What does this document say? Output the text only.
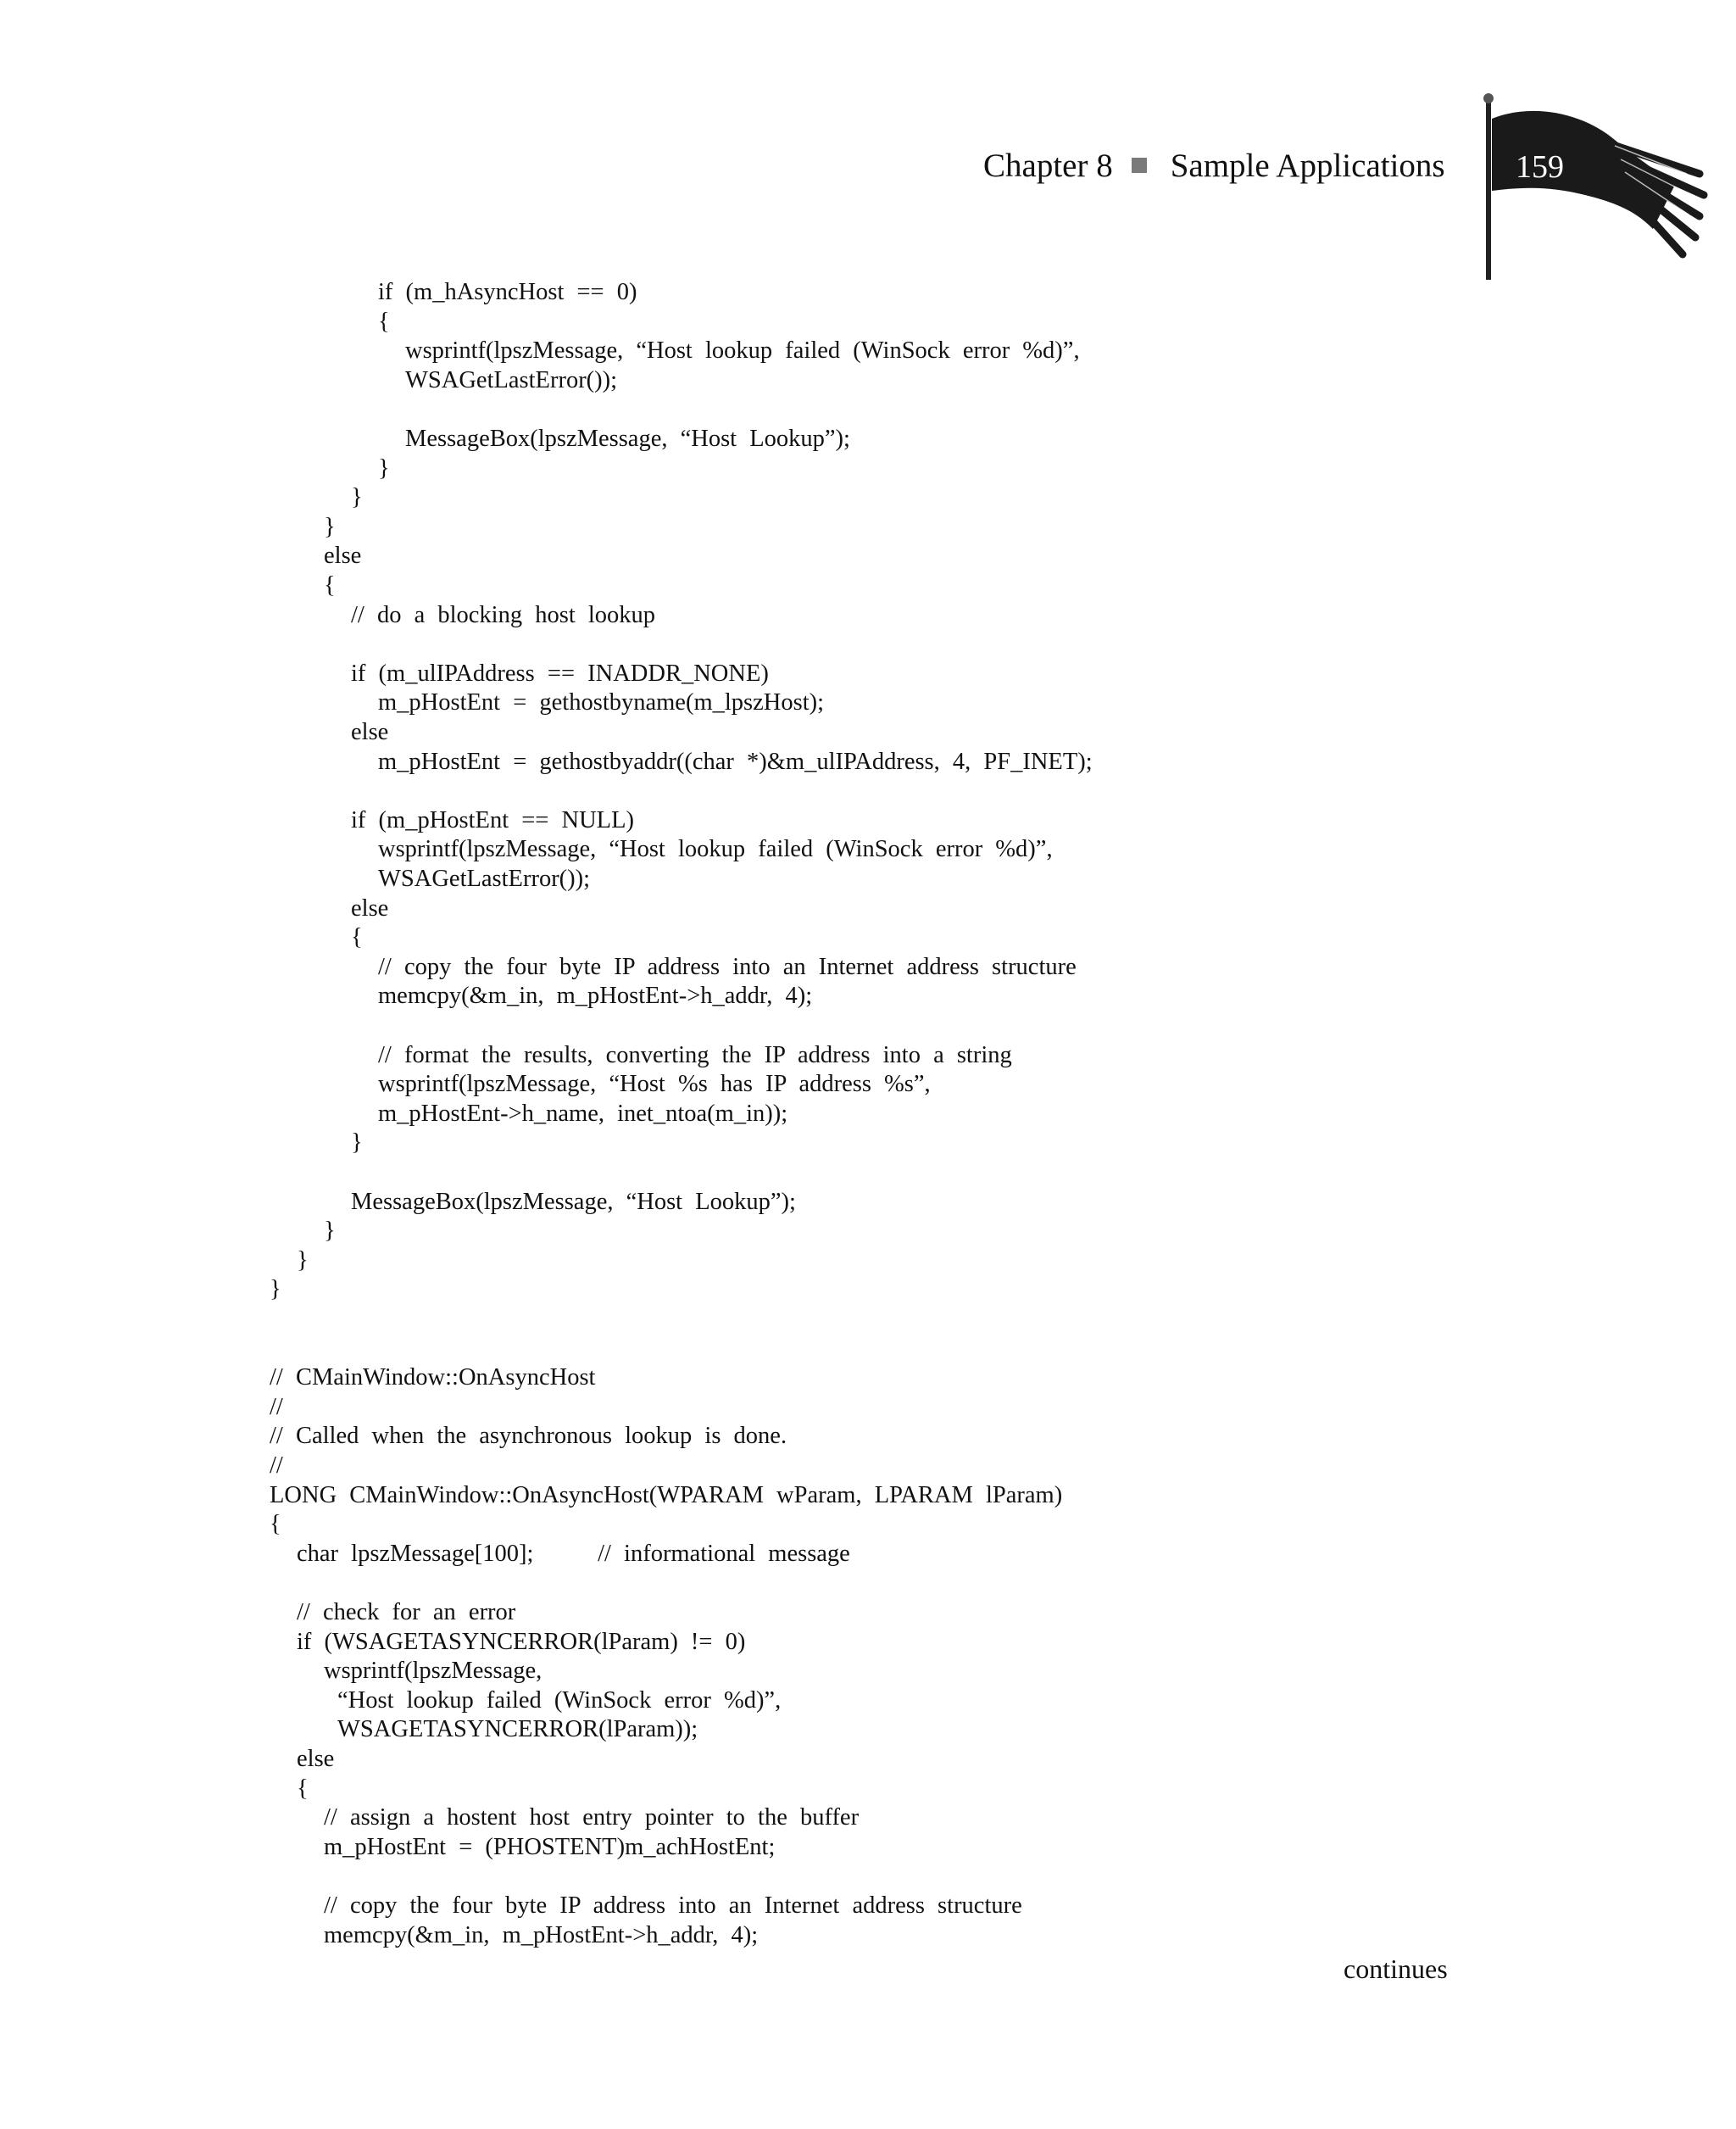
Chapter 8 Sample Applications 159
if (m_hAsyncHost == 0)
{
wsprintf(lpszMessage, “Host lookup failed (WinSock error %d)”,
WSAGetLastError());
MessageBox(lpszMessage, “Host Lookup”);
}
}
}
else
{
// do a blocking host lookup
if (m_ulIPAddress == INADDR_NONE)
m_pHostEnt = gethostbyname(m_lpszHost);
else
m_pHostEnt = gethostbyaddr((char *)&m_ulIPAddress, 4, PF_INET);
if (m_pHostEnt == NULL)
wsprintf(lpszMessage, “Host lookup failed (WinSock error %d)”,
WSAGetLastError());
else
{
// copy the four byte IP address into an Internet address structure
memcpy(&m_in, m_pHostEnt->h_addr, 4);
// format the results, converting the IP address into a string
wsprintf(lpszMessage, “Host %s has IP address %s”,
m_pHostEnt->h_name, inet_ntoa(m_in));
}
MessageBox(lpszMessage, “Host Lookup”);
}
}
}
// CMainWindow::OnAsyncHost
//
// Called when the asynchronous lookup is done.
//
LONG CMainWindow::OnAsyncHost(WPARAM wParam, LPARAM lParam)
{
char lpszMessage[100];     // informational message
// check for an error
if (WSAGETASYNCERROR(lParam) != 0)
wsprintf(lpszMessage,
“Host lookup failed (WinSock error %d)”,
WSAGETASYNCERROR(lParam));
else
{
// assign a hostent host entry pointer to the buffer
m_pHostEnt = (PHOSTENT)m_achHostEnt;
// copy the four byte IP address into an Internet address structure
memcpy(&m_in, m_pHostEnt->h_addr, 4);
continues
